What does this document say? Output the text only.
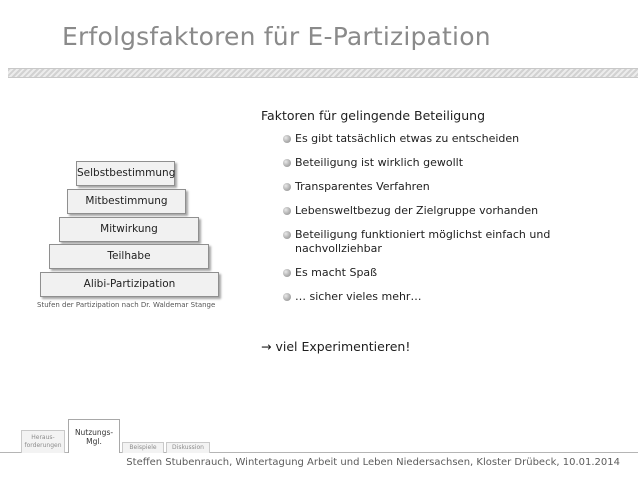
Erfolgsfaktoren für E-Partizipation
Selbstbestimmung
Mitbestimmung
Mitwirkung
Teilhabe
Alibi-Partizipation
Stufen der Partizipation nach Dr. Waldemar Stange
Faktoren für gelingende Beteiligung
Es gibt tatsächlich etwas zu entscheiden
Beteiligung ist wirklich gewollt
Transparentes Verfahren
Lebensweltbezug der Zielgruppe vorhanden
Beteiligung funktioniert möglichst einfach und nachvollziehbar
Es macht Spaß
… sicher vieles mehr…
→ viel Experimentieren!
Heraus-forderungen
Nutzungs-Mgl.
Beispiele	Diskussion
Steffen Stubenrauch, Wintertagung Arbeit und Leben Niedersachsen, Kloster Drübeck, 10.01.2014
